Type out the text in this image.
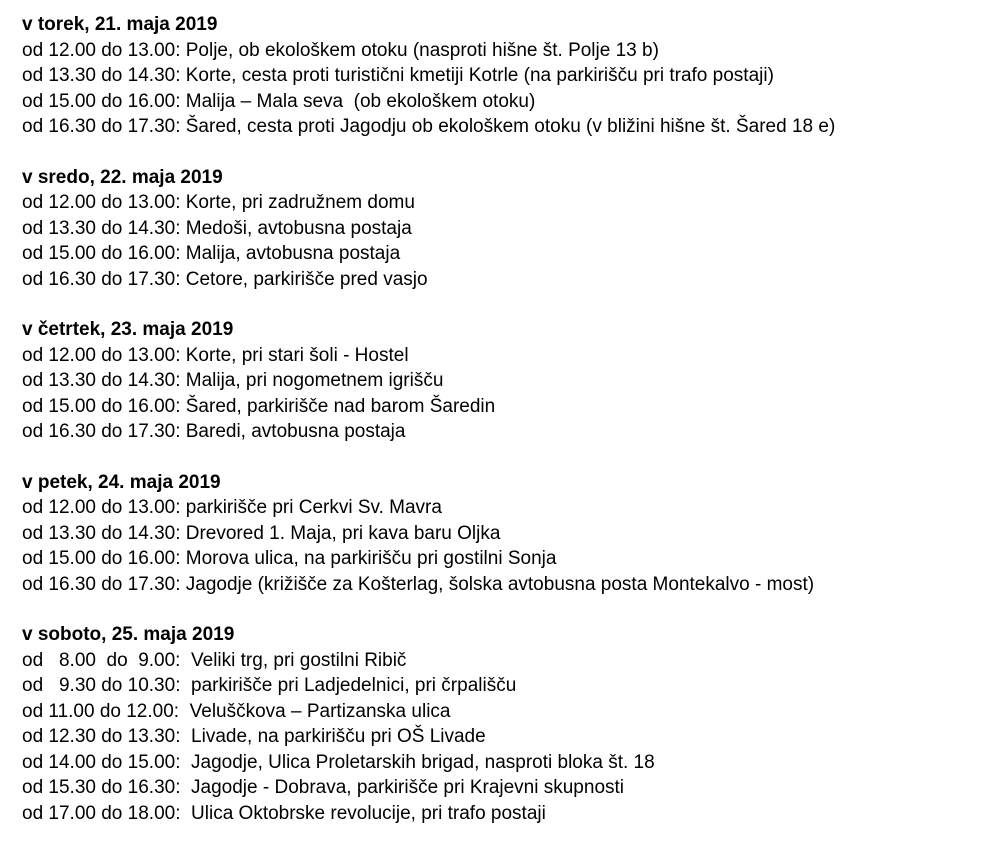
v torek, 21. maja 2019
od 12.00 do 13.00: Polje, ob ekološkem otoku (nasproti hišne št. Polje 13 b)
od 13.30 do 14.30: Korte, cesta proti turistični kmetiji Kotrle (na parkirišču pri trafo postaji)
od 15.00 do 16.00: Malija – Mala seva  (ob ekološkem otoku)
od 16.30 do 17.30: Šared, cesta proti Jagodju ob ekološkem otoku (v bližini hišne št. Šared 18 e)
v sredo, 22. maja 2019
od 12.00 do 13.00: Korte, pri zadružnem domu
od 13.30 do 14.30: Medoši, avtobusna postaja
od 15.00 do 16.00: Malija, avtobusna postaja
od 16.30 do 17.30: Cetore, parkirišče pred vasjo
v četrtek, 23. maja 2019
od 12.00 do 13.00: Korte, pri stari šoli - Hostel
od 13.30 do 14.30: Malija, pri nogometnem igrišču
od 15.00 do 16.00: Šared, parkirišče nad barom Šaredin
od 16.30 do 17.30: Baredi, avtobusna postaja
v petek, 24. maja 2019
od 12.00 do 13.00: parkirišče pri Cerkvi Sv. Mavra
od 13.30 do 14.30: Drevored 1. Maja, pri kava baru Oljka
od 15.00 do 16.00: Morova ulica, na parkirišču pri gostilni Sonja
od 16.30 do 17.30: Jagodje (križišče za Košterlag, šolska avtobusna posta Montekalvo - most)
v soboto, 25. maja 2019
od   8.00  do  9.00:  Veliki trg, pri gostilni Ribič
od   9.30 do 10.30:  parkirišče pri Ladjedelnici, pri črpališču
od 11.00 do 12.00:  Veluščkova – Partizanska ulica
od 12.30 do 13.30:  Livade, na parkirišču pri OŠ Livade
od 14.00 do 15.00:  Jagodje, Ulica Proletarskih brigad, nasproti bloka št. 18
od 15.30 do 16.30:  Jagodje - Dobrava, parkirišče pri Krajevni skupnosti
od 17.00 do 18.00:  Ulica Oktobrske revolucije, pri trafo postaji
